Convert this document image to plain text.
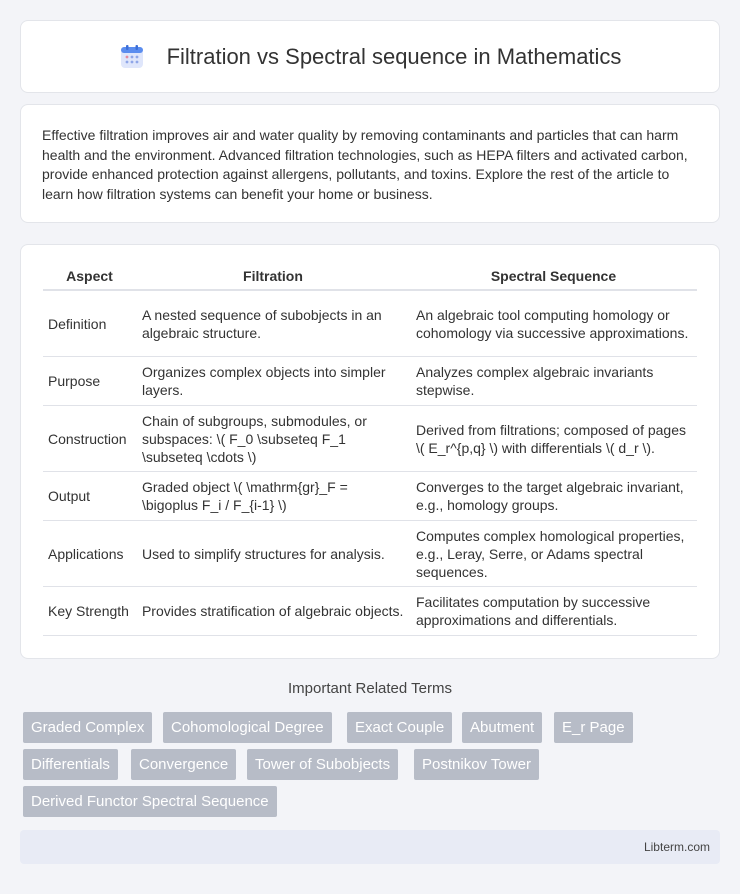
Filtration vs Spectral sequence in Mathematics

Effective filtration improves air and water quality by removing contaminants and particles that can harm health and the environment. Advanced filtration technologies, such as HEPA filters and activated carbon, provide enhanced protection against allergens, pollutants, and toxins. Explore the rest of the article to learn how filtration systems can benefit your home or business.

Aspect	Filtration	Spectral Sequence
Definition	A nested sequence of subobjects in an algebraic structure.	An algebraic tool computing homology or cohomology via successive approximations.
Purpose	Organizes complex objects into simpler layers.	Analyzes complex algebraic invariants stepwise.
Construction	Chain of subgroups, submodules, or subspaces: \( F_0 \subseteq F_1 \subseteq \cdots \)	Derived from filtrations; composed of pages \( E_r^{p,q} \) with differentials \( d_r \).
Output	Graded object \( \mathrm{gr}_F = \bigoplus F_i / F_{i-1} \)	Converges to the target algebraic invariant, e.g., homology groups.
Applications	Used to simplify structures for analysis.	Computes complex homological properties, e.g., Leray, Serre, or Adams spectral sequences.
Key Strength	Provides stratification of algebraic objects.	Facilitates computation by successive approximations and differentials.
Important Related Terms
Graded Complex	Cohomological Degree	Exact Couple	Abutment	E_r Page
Differentials	Convergence	Tower of Subobjects	Postnikov Tower
Derived Functor Spectral Sequence
Libterm.com
